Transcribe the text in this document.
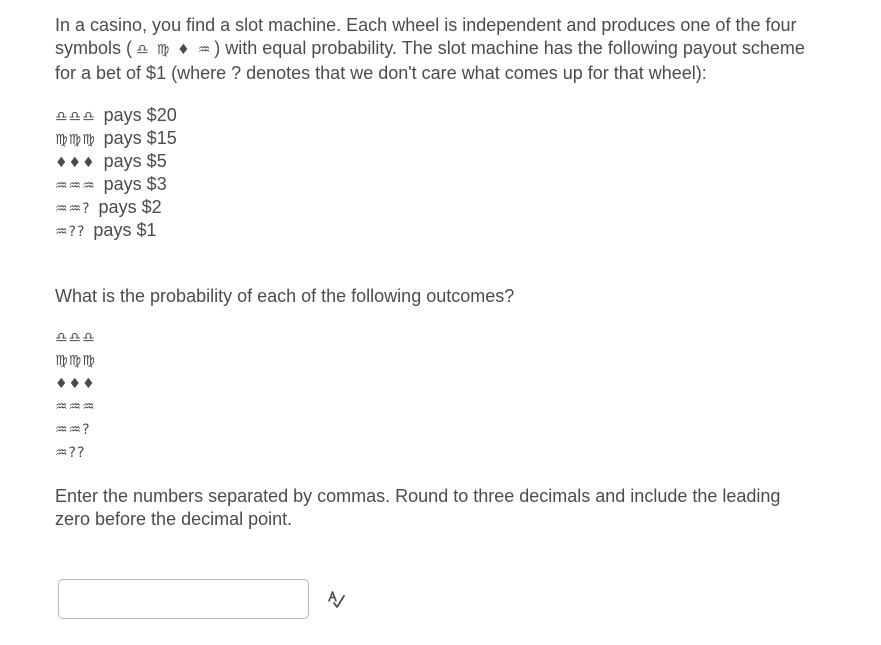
In a casino, you find a slot machine. Each wheel is independent and produces one of the four symbols ( ♎ ♍ ♦ ♒ ) with equal probability. The slot machine has the following payout scheme for a bet of $1 (where ? denotes that we don't care what comes up for that wheel):

♎♎♎ pays $20
♍♍♍ pays $15
♦♦♦ pays $5
♒♒♒ pays $3
♒♒? pays $2
♒?? pays $1

What is the probability of each of the following outcomes?

♎♎♎
♍♍♍
♦♦♦
♒♒♒
♒♒?
♒??

Enter the numbers separated by commas. Round to three decimals and include the leading zero before the decimal point.
